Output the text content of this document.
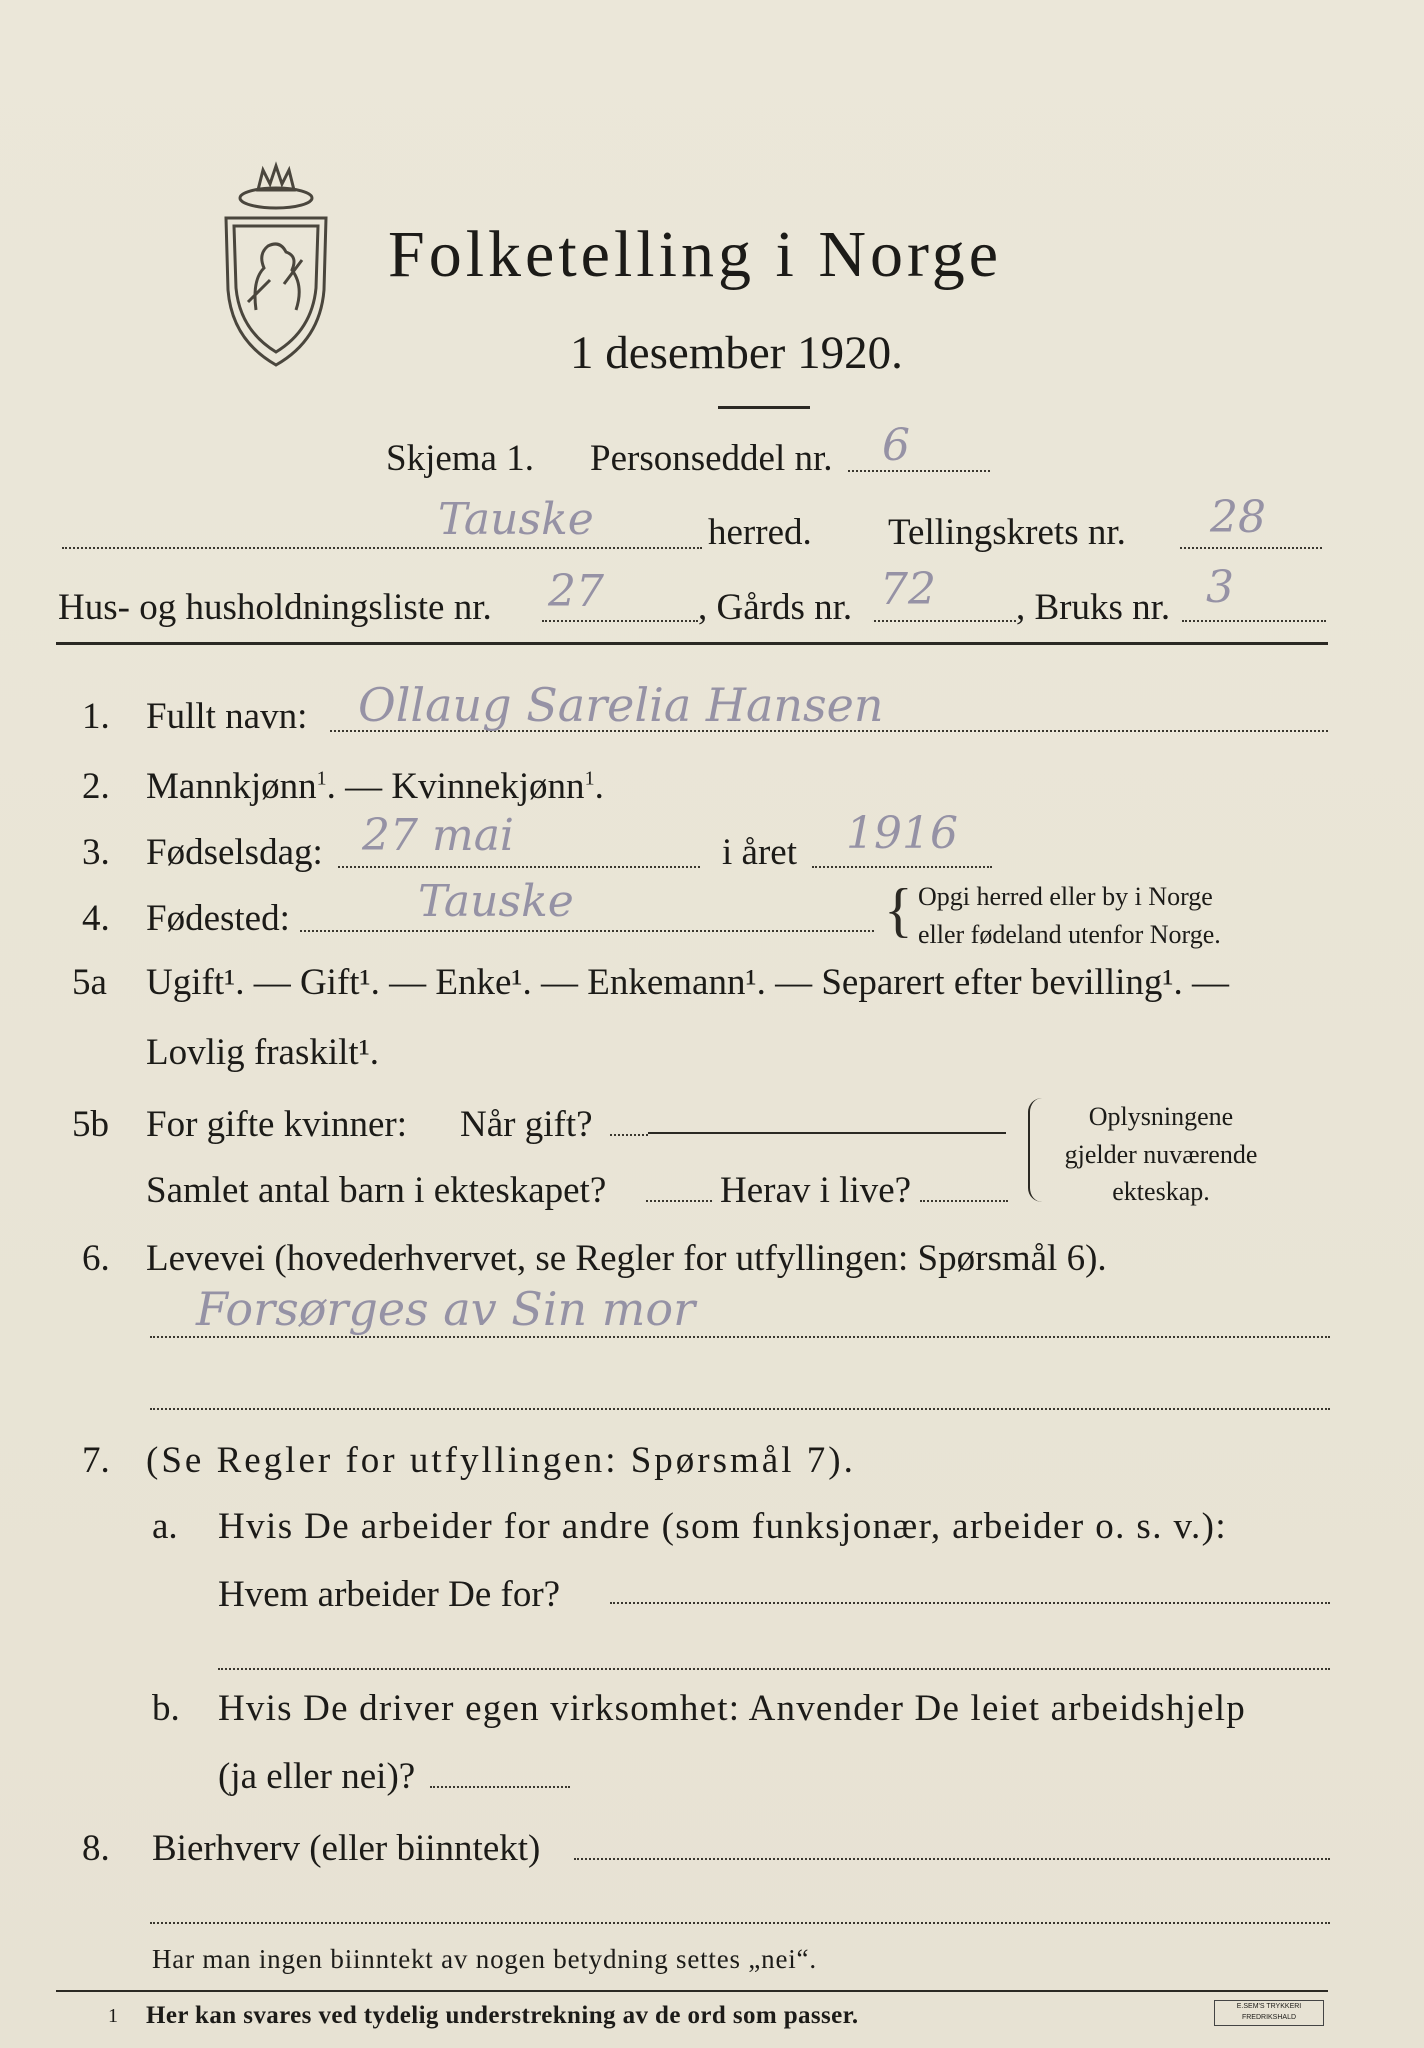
Folketelling i Norge
1 desember 1920.
Skjema 1. Personseddel nr. 6
Tauske	herred. Tellingskrets nr. 28
Hus- og husholdningsliste nr. 27	, Gårds nr. 72 , Bruks nr. 3
1. Fullt navn: Ollaug Sarelia Hansen
2. Mannkjønn$^1$. — Kvinnekjønn$^1$.
3. Fødselsdag: 27 mai	i året 1916
4. Fødested:	Tauske	{ Opgi herred eller by i Norge
eller fødeland utenfor Norge.
5a Ugift¹. — Gift¹. — Enke¹. — Enkemann¹. — Separert efter bevilling¹. —
Lovlig fraskilt¹.
5b For gifte kvinner: Når gift?
Samlet antal barn i ekteskapet?	Herav i live?
Oplysningene
gjelder nuværende
ekteskap.
6. Levevei (hovederhvervet, se Regler for utfyllingen: Spørsmål 6).
Forsørges av Sin mor
7. (Se Regler for utfyllingen: Spørsmål 7).
a. Hvis De arbeider for andre (som funksjonær, arbeider o. s. v.):
Hvem arbeider De for?
b. Hvis De driver egen virksomhet: Anvender De leiet arbeidshjelp
(ja eller nei)?
8. Bierhverv (eller biinntekt)
Har man ingen biinntekt av nogen betydning settes „nei“.
1 Her kan svares ved tydelig understrekning av de ord som passer.	E.SEM'S TRYKKERI FREDRIKSHALD
